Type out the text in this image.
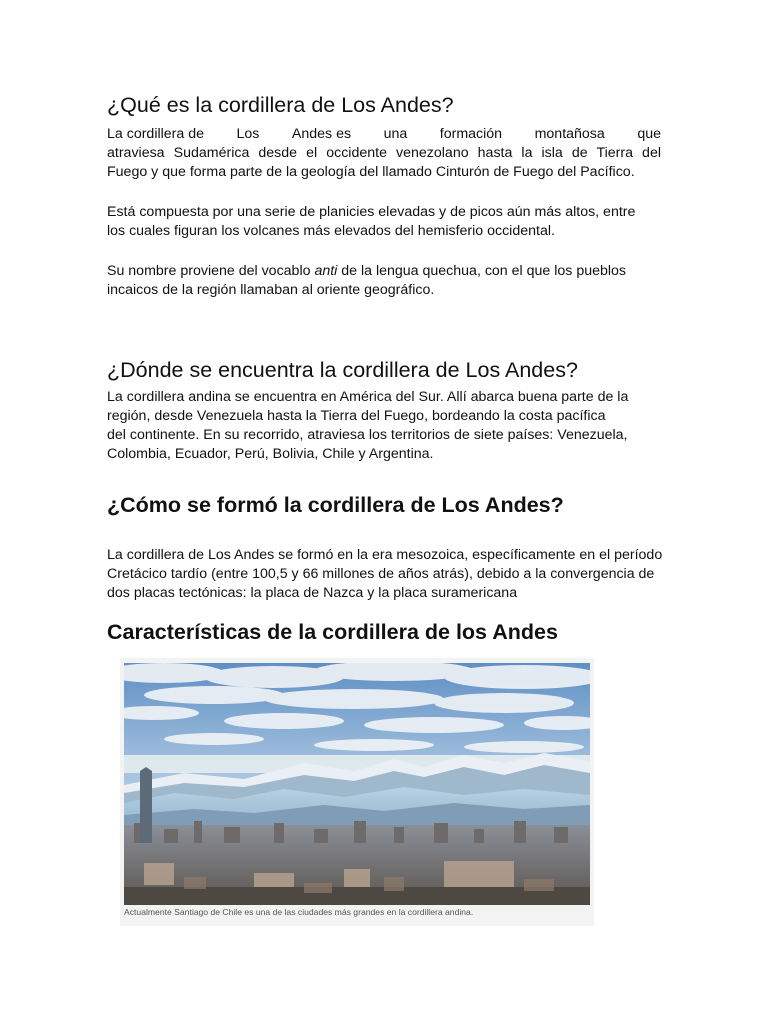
¿Qué es la cordillera de Los Andes?
La cordillera de Los Andes es una formación montañosa que
atraviesa Sudamérica desde el occidente venezolano hasta la isla de Tierra del
Fuego y que forma parte de la geología del llamado Cinturón de Fuego del Pacífico.

Está compuesta por una serie de planicies elevadas y de picos aún más altos, entre los cuales figuran los volcanes más elevados del hemisferio occidental.

Su nombre proviene del vocablo anti de la lengua quechua, con el que los pueblos incaicos de la región llamaban al oriente geográfico.

¿Dónde se encuentra la cordillera de Los Andes?
La cordillera andina se encuentra en América del Sur. Allí abarca buena parte de la
región, desde Venezuela hasta la Tierra del Fuego, bordeando la costa pacífica
del continente. En su recorrido, atraviesa los territorios de siete países: Venezuela,
Colombia, Ecuador, Perú, Bolivia, Chile y Argentina.
¿Cómo se formó la cordillera de Los Andes?
La cordillera de Los Andes se formó en la era mesozoica, específicamente en el período
Cretácico tardío (entre 100,5 y 66 millones de años atrás), debido a la convergencia de
dos placas tectónicas: la placa de Nazca y la placa suramericana
Características de la cordillera de los Andes
Actualmente Santiago de Chile es una de las ciudades más grandes en la cordillera andina.
